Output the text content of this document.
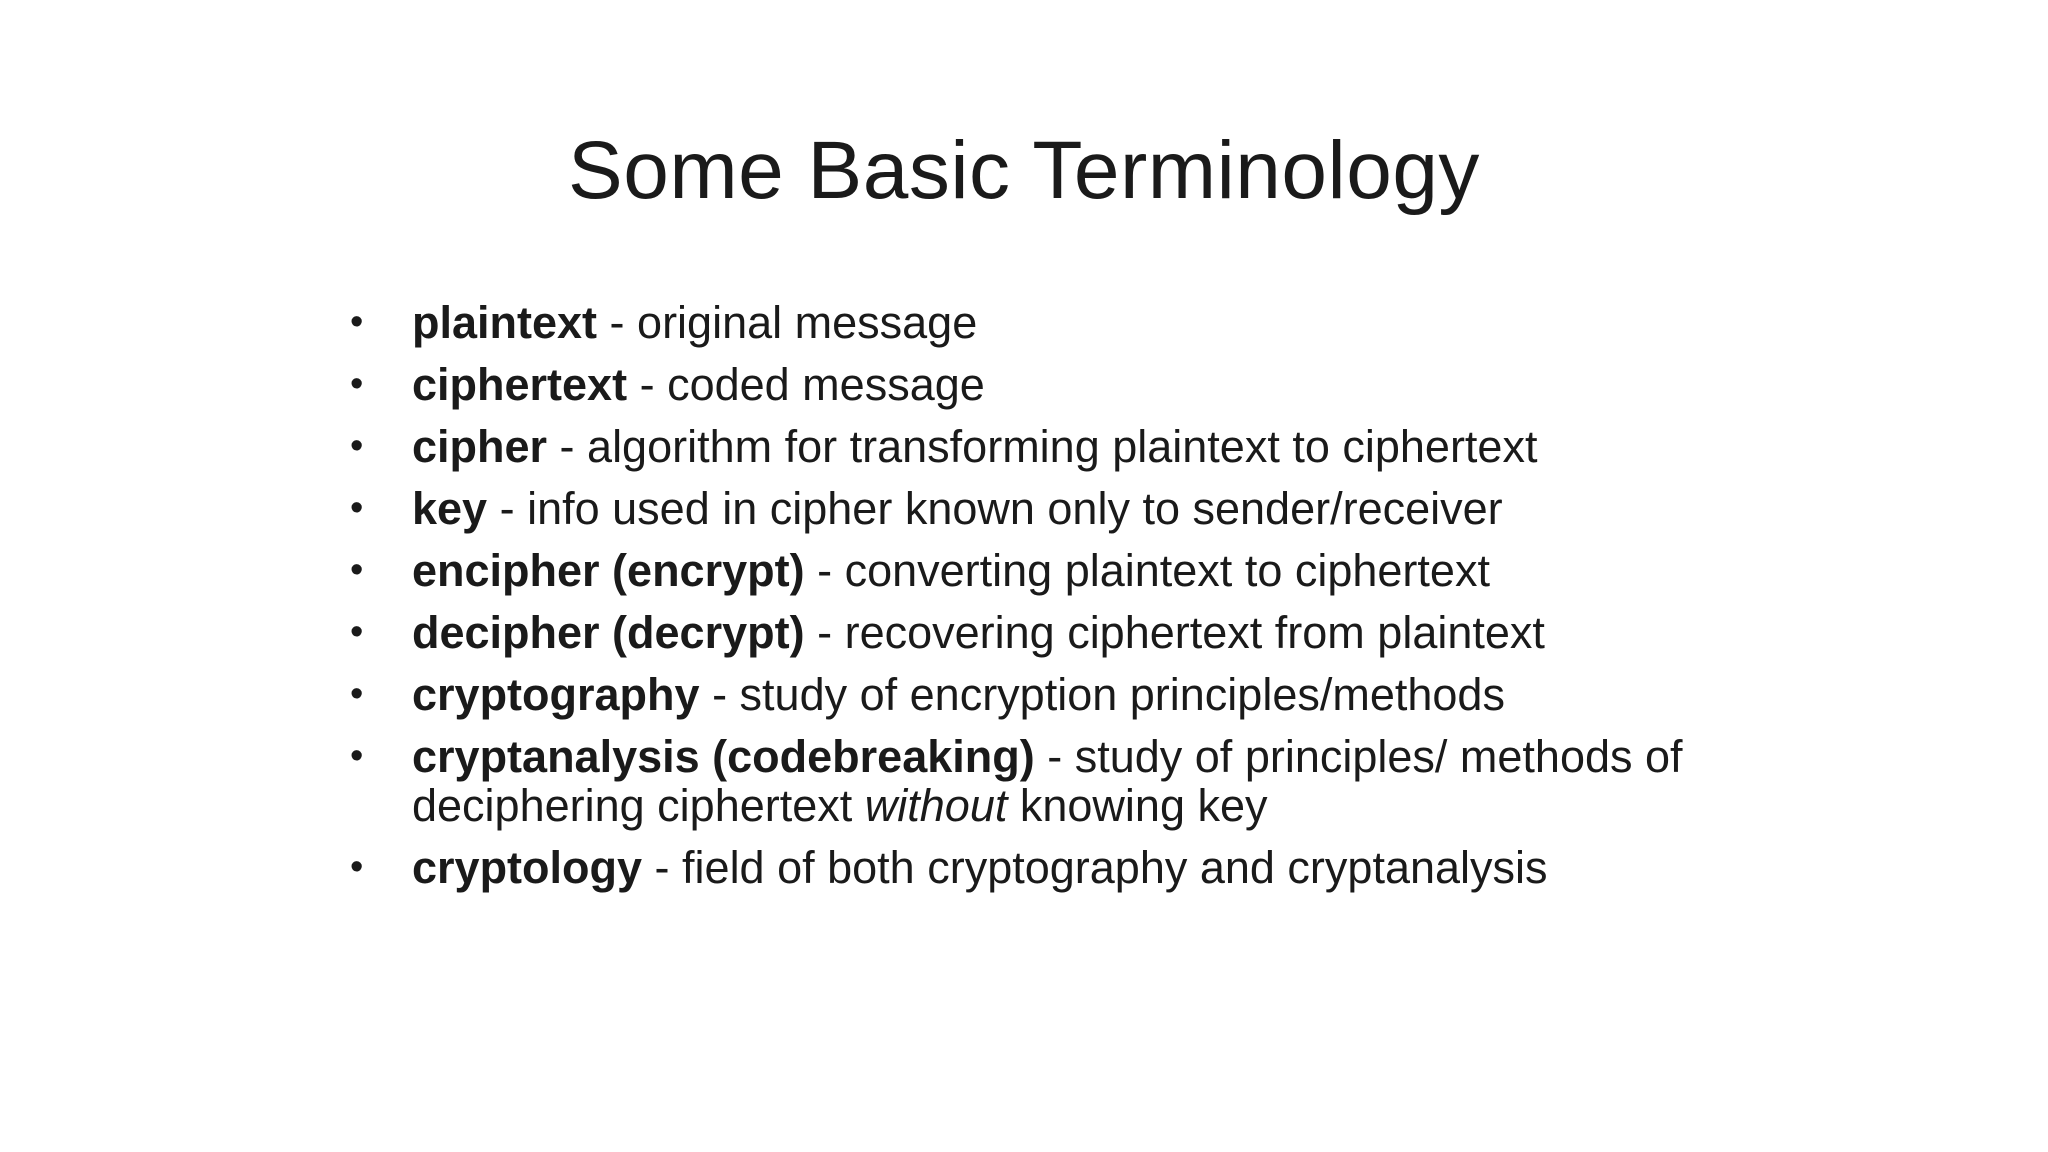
Some Basic Terminology
•	plaintext - original message
•	ciphertext - coded message
•	cipher - algorithm for transforming plaintext to ciphertext
•	key - info used in cipher known only to sender/receiver
•	encipher (encrypt) - converting plaintext to ciphertext
•	decipher (decrypt) - recovering ciphertext from plaintext
•	cryptography - study of encryption principles/methods
•	cryptanalysis (codebreaking) - study of principles/ methods of deciphering ciphertext without knowing key
•	cryptology - field of both cryptography and cryptanalysis
